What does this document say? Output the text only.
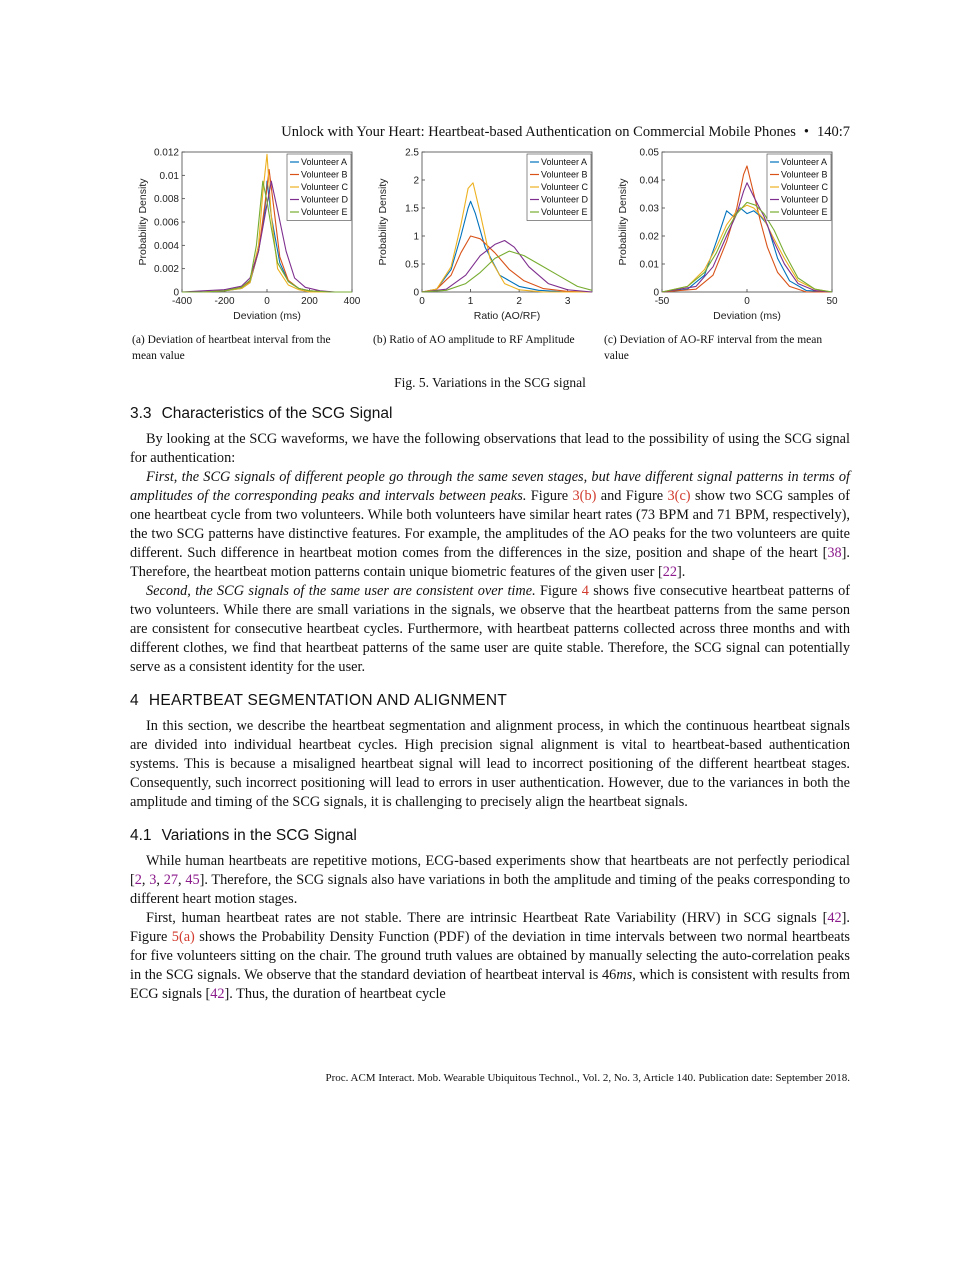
Unlock with Your Heart: Heartbeat-based Authentication on Commercial Mobile Phones • 140:7
-400 -200	0	200	400
0
0.002
0.004
0.006
0.008
0.01
0.012
Deviation (ms)
Probability Density
Volunteer A
Volunteer B
Volunteer C
Volunteer D
Volunteer E
0	1	2	3
0
0.5
1
1.5
2
2.5
Ratio (AO/RF)
Probability Density
Volunteer A
Volunteer B
Volunteer C
Volunteer D
Volunteer E
-50	0	50
0
0.01
0.02
0.03
0.04
0.05
Deviation (ms)
Probability Density
Volunteer A
Volunteer B
Volunteer C
Volunteer D
Volunteer E
(a) Deviation of heartbeat interval from the
mean value
(b) Ratio of AO amplitude to RF Amplitude	(c) Deviation of AO-RF interval from the mean
value
Fig. 5. Variations in the SCG signal
3.3 Characteristics of the SCG Signal

By looking at the SCG waveforms, we have the following observations that lead to the possibility of using the SCG signal for authentication:

First, the SCG signals of different people go through the same seven stages, but have different signal patterns in terms of amplitudes of the corresponding peaks and intervals between peaks. Figure 3(b) and Figure 3(c) show two SCG samples of one heartbeat cycle from two volunteers. While both volunteers have similar heart rates (73 BPM and 71 BPM, respectively), the two SCG patterns have distinctive features. For example, the amplitudes of the AO peaks for the two volunteers are quite different. Such difference in heartbeat motion comes from the differences in the size, position and shape of the heart [38]. Therefore, the heartbeat motion patterns contain unique biometric features of the given user [22].

Second, the SCG signals of the same user are consistent over time. Figure 4 shows five consecutive heartbeat patterns of two volunteers. While there are small variations in the signals, we observe that the heartbeat patterns from the same person are consistent for consecutive heartbeat cycles. Furthermore, with heartbeat patterns collected across three months and with different clothes, we find that heartbeat patterns of the same user are quite stable. Therefore, the SCG signal can potentially serve as a consistent identity for the user.

4 HEARTBEAT SEGMENTATION AND ALIGNMENT

In this section, we describe the heartbeat segmentation and alignment process, in which the continuous heartbeat signals are divided into individual heartbeat cycles. High precision signal alignment is vital to heartbeat-based authentication systems. This is because a misaligned heartbeat signal will lead to incorrect positioning of the different heartbeat stages. Consequently, such incorrect positioning will lead to errors in user authentication. However, due to the variances in both the amplitude and timing of the SCG signals, it is challenging to precisely align the heartbeat signals.

4.1 Variations in the SCG Signal

While human heartbeats are repetitive motions, ECG-based experiments show that heartbeats are not perfectly periodical [2, 3, 27, 45]. Therefore, the SCG signals also have variations in both the amplitude and timing of the peaks corresponding to different heart motion stages.

First, human heartbeat rates are not stable. There are intrinsic Heartbeat Rate Variability (HRV) in SCG signals [42]. Figure 5(a) shows the Probability Density Function (PDF) of the deviation in time intervals between two normal heartbeats for five volunteers sitting on the chair. The ground truth values are obtained by manually selecting the auto-correlation peaks in the SCG signals. We observe that the standard deviation of heartbeat interval is 46ms, which is consistent with results from ECG signals [42]. Thus, the duration of heartbeat cycle

Proc. ACM Interact. Mob. Wearable Ubiquitous Technol., Vol. 2, No. 3, Article 140. Publication date: September 2018.
